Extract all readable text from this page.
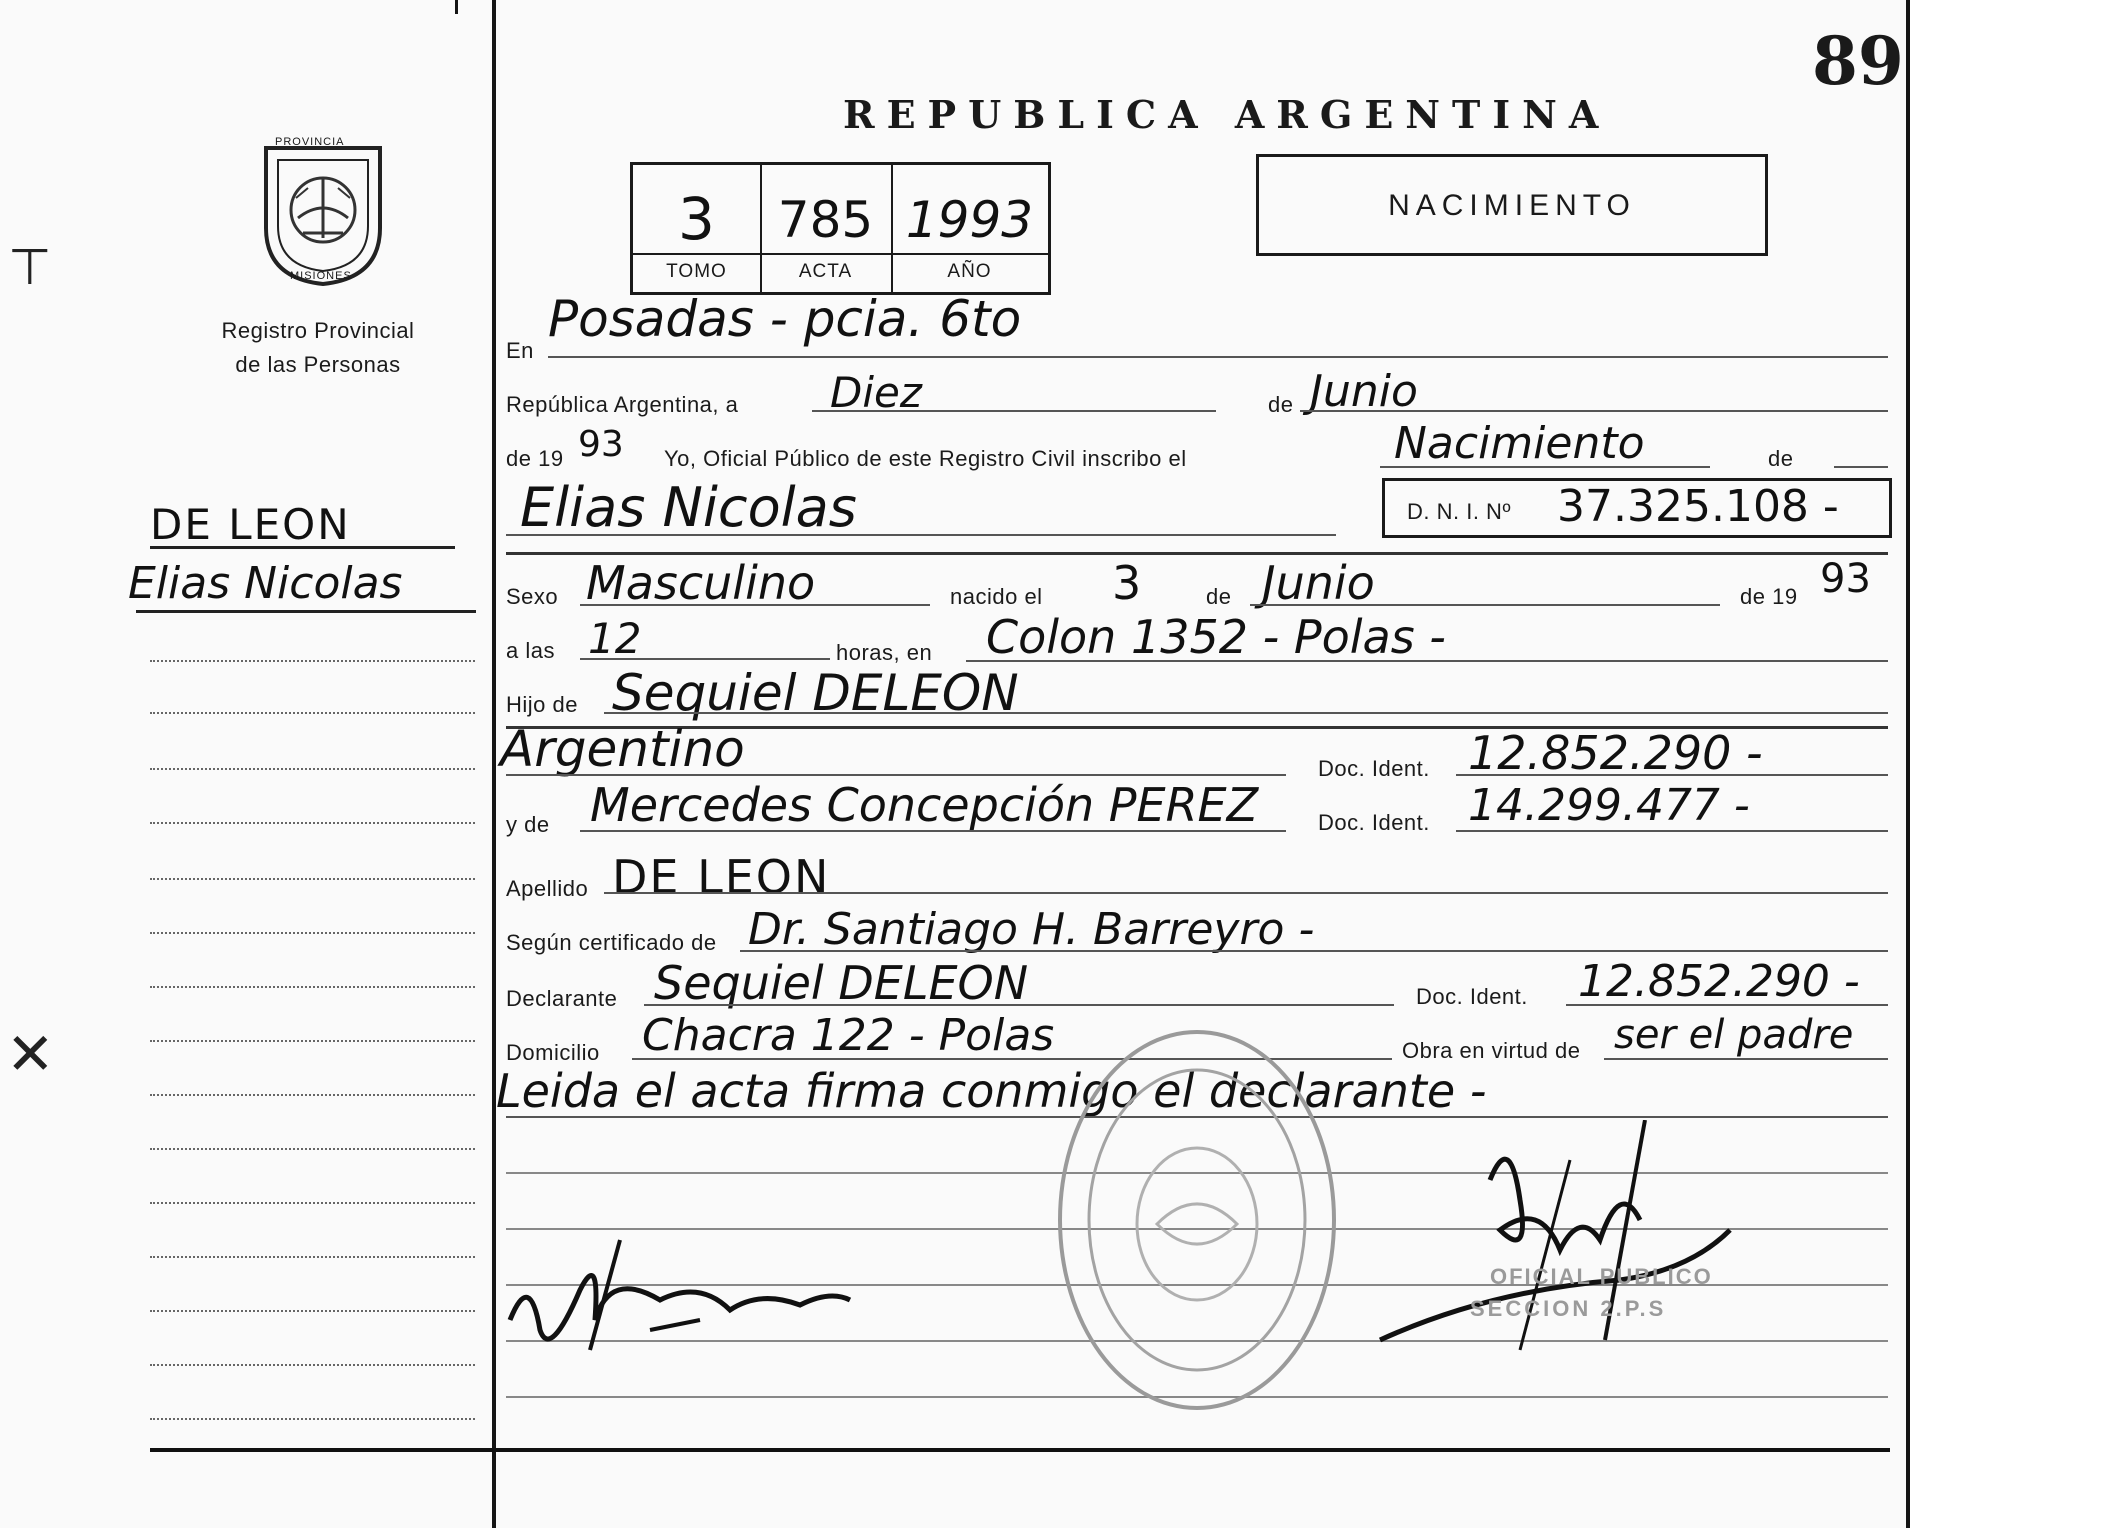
⊤
✕
89
PROVINCIA
MISIONES
Registro Provincial
de las Personas
REPUBLICA ARGENTINA
3	785 1993
TOMO	ACTA	AÑO
NACIMIENTO
DE LEON
Elias Nicolas
En
Posadas - pcia. 6to
República Argentina, a Diez	de Junio
de 19 93 Yo, Oficial Público de este Registro Civil inscribo el	Nacimiento	de
Elias Nicolas	D. N. I. Nº 37.325.108 -
Sexo Masculino	nacido el 3	de Junio	de 19 93
a las 12	horas, en Colon 1352 - Polas -
Hijo de Sequiel DELEON
Argentino	Doc. Ident. 12.852.290 -
y de Mercedes Concepción PEREZ	Doc. Ident. 14.299.477 -
Apellido DE LEON
Según certificado de Dr. Santiago H. Barreyro -
Declarante Sequiel DELEON	Doc. Ident. 12.852.290 -
Domicilio Chacra 122 - Polas	Obra en virtud de ser el padre
Leida el acta firma conmigo el declarante -
OFICIAL PUBLICO
SECCION 2.P.S
